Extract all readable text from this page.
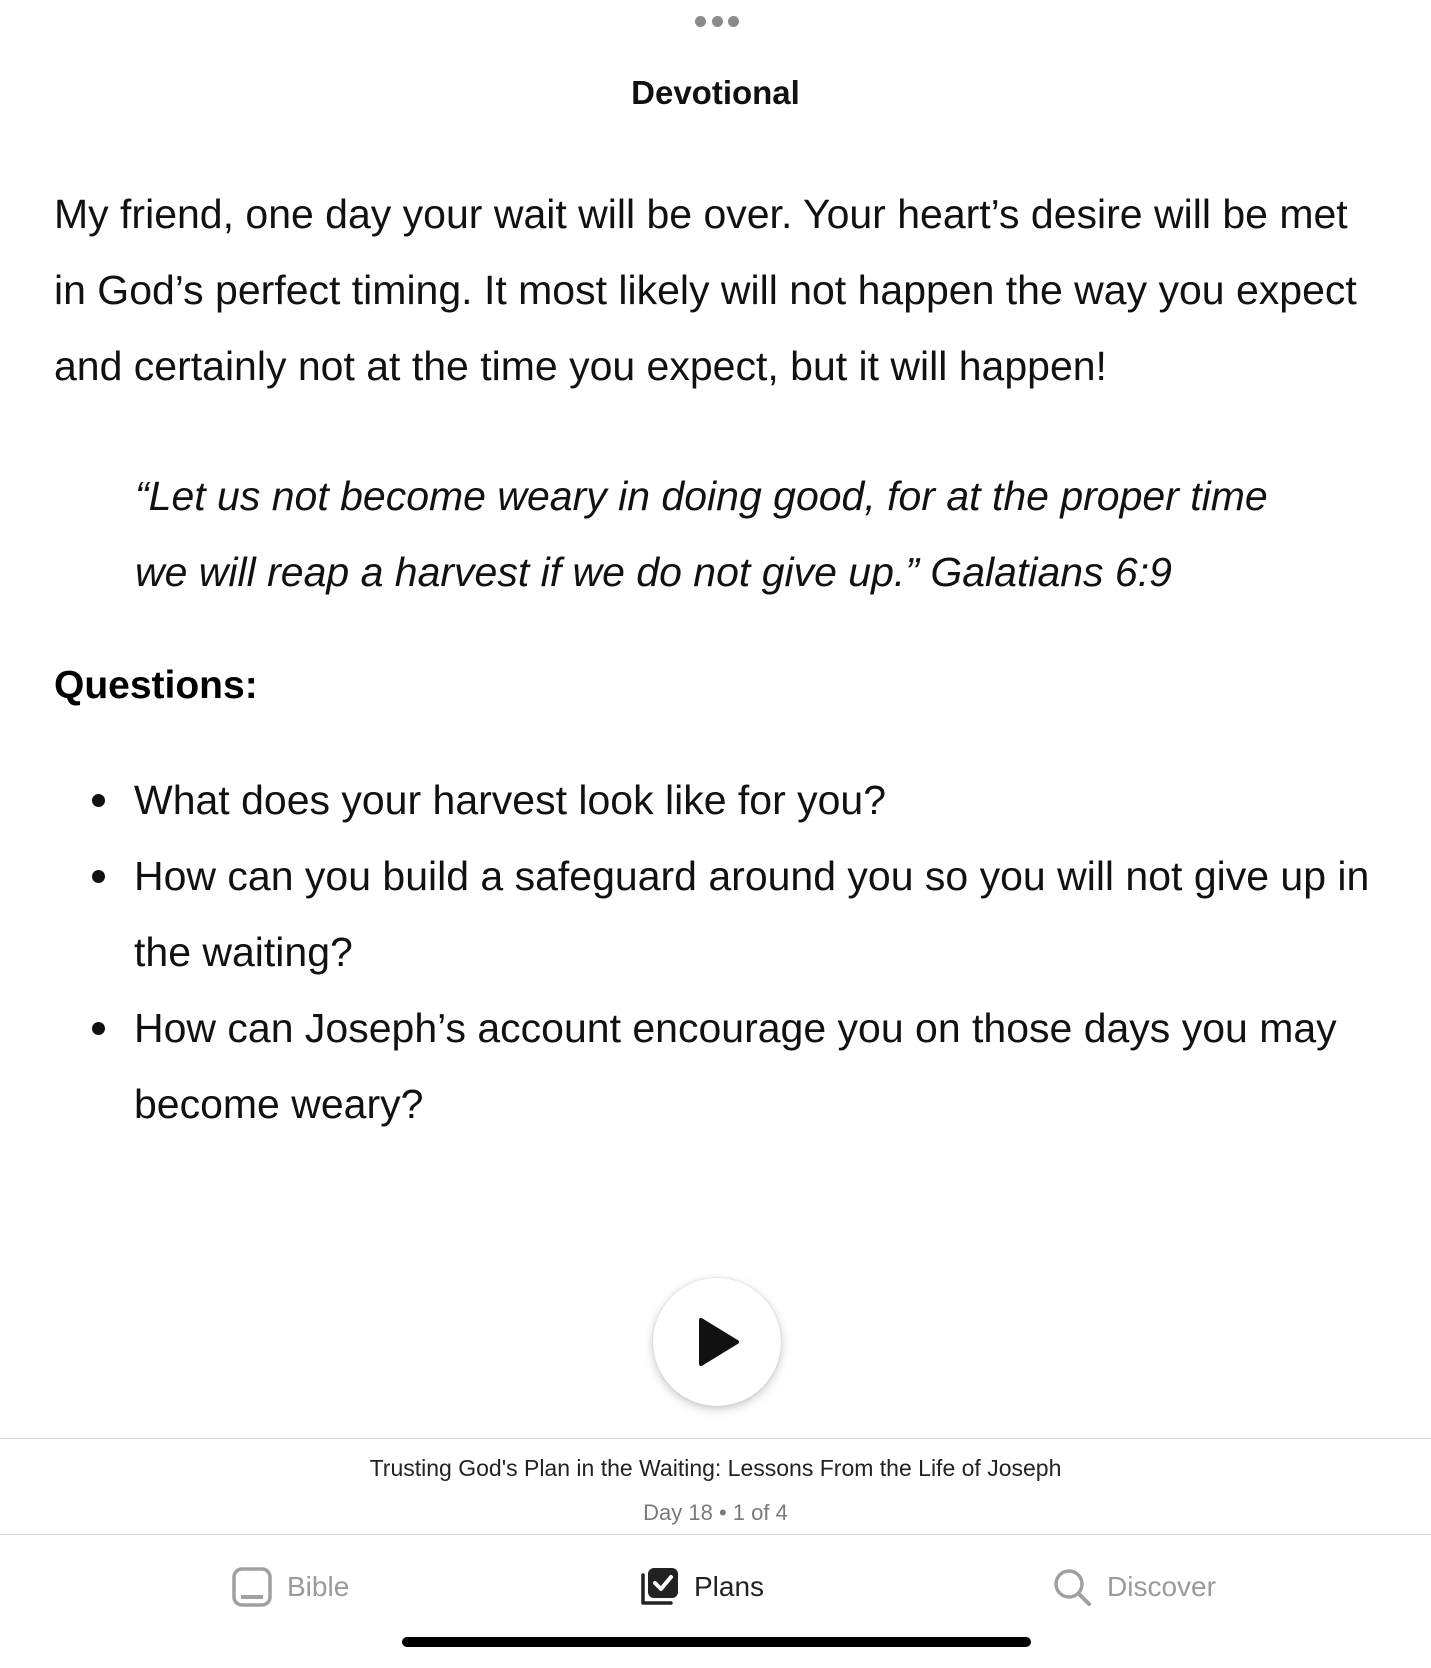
Devotional

My friend, one day your wait will be over. Your heart’s desire will be met in God’s perfect timing. It most likely will not happen the way you expect and certainly not at the time you expect, but it will happen!

“Let us not become weary in doing good, for at the proper time we will reap a harvest if we do not give up.” Galatians 6:9
Questions:
What does your harvest look like for you?
How can you build a safeguard around you so you will not give up in the waiting?
How can Joseph’s account encourage you on those days you may become weary?
Trusting God's Plan in the Waiting: Lessons From the Life of Joseph
Day 18 • 1 of 4
Bible	Plans	Discover
